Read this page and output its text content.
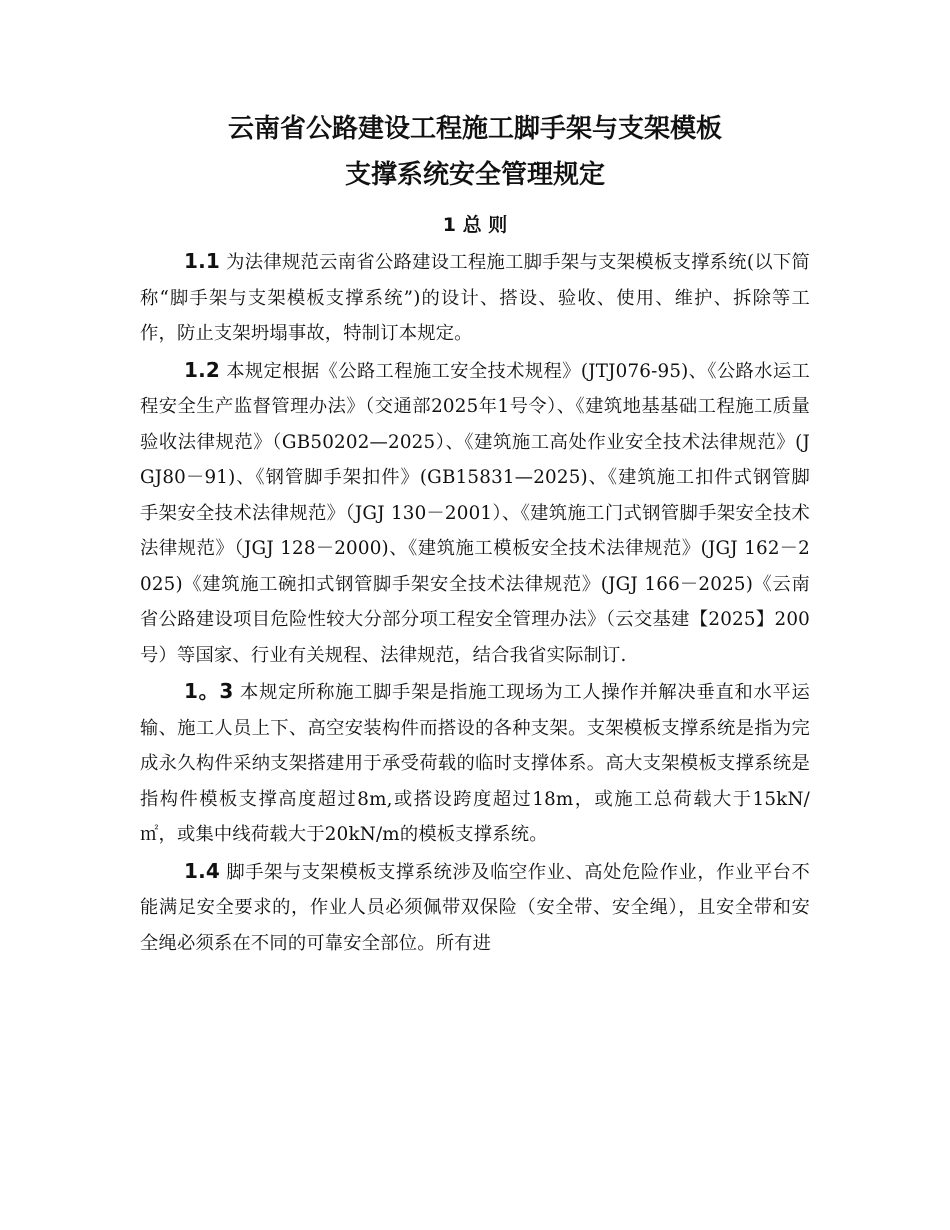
云南省公路建设工程施工脚手架与支架模板
支撑系统安全管理规定
1 总 则

1.1 为法律规范云南省公路建设工程施工脚手架与支架模板支撑系统(以下简称“脚手架与支架模板支撑系统”)的设计、搭设、验收、使用、维护、拆除等工作，防止支架坍塌事故，特制订本规定。

1.2 本规定根据《公路工程施工安全技术规程》(JTJ076-95)、《公路水运工程安全生产监督管理办法》（交通部2025年1号令）、《建筑地基基础工程施工质量验收法律规范》（GB50202—2025）、《建筑施工高处作业安全技术法律规范》(JGJ80－91)、《钢管脚手架扣件》(GB15831—2025)、《建筑施工扣件式钢管脚手架安全技术法律规范》（JGJ 130－2001）、《建筑施工门式钢管脚手架安全技术法律规范》（JGJ 128－2000)、《建筑施工模板安全技术法律规范》(JGJ 162－2025)《建筑施工碗扣式钢管脚手架安全技术法律规范》(JGJ 166－2025)《云南省公路建设项目危险性较大分部分项工程安全管理办法》（云交基建【2025】200号）等国家、行业有关规程、法律规范，结合我省实际制订.

1。3 本规定所称施工脚手架是指施工现场为工人操作并解决垂直和水平运输、施工人员上下、高空安装构件而搭设的各种支架。支架模板支撑系统是指为完成永久构件采纳支架搭建用于承受荷载的临时支撑体系。高大支架模板支撑系统是指构件模板支撑高度超过8m,或搭设跨度超过18m，或施工总荷载大于15kN/㎡，或集中线荷载大于20kN/m的模板支撑系统。

1.4 脚手架与支架模板支撑系统涉及临空作业、高处危险作业，作业平台不能满足安全要求的，作业人员必须佩带双保险（安全带、安全绳），且安全带和安全绳必须系在不同的可靠安全部位。所有进
